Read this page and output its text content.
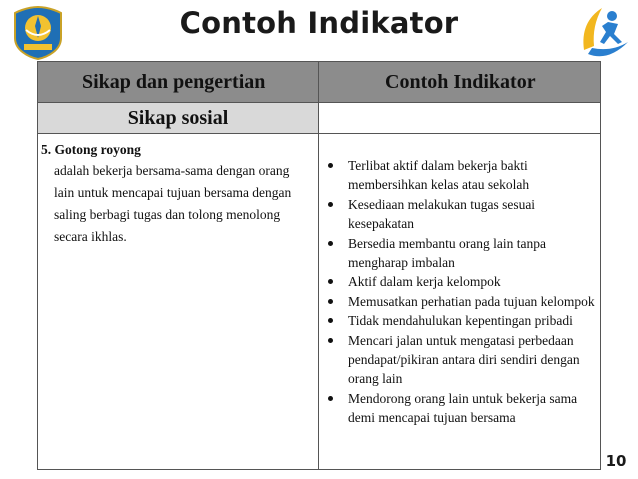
Contoh Indikator
Sikap dan pengertian	Contoh Indikator
Sikap sosial
5. Gotong royong
adalah bekerja bersama-sama dengan orang lain untuk mencapai tujuan bersama dengan saling berbagi tugas dan tolong menolong secara ikhlas.
Terlibat aktif dalam bekerja bakti membersihkan kelas atau sekolah
Kesediaan melakukan tugas sesuai kesepakatan
Bersedia membantu orang lain tanpa mengharap imbalan
Aktif dalam kerja kelompok
Memusatkan perhatian pada tujuan kelompok
Tidak mendahulukan kepentingan pribadi
Mencari jalan untuk mengatasi perbedaan pendapat/pikiran antara diri sendiri dengan orang lain
Mendorong orang lain untuk bekerja sama demi mencapai tujuan bersama
10
